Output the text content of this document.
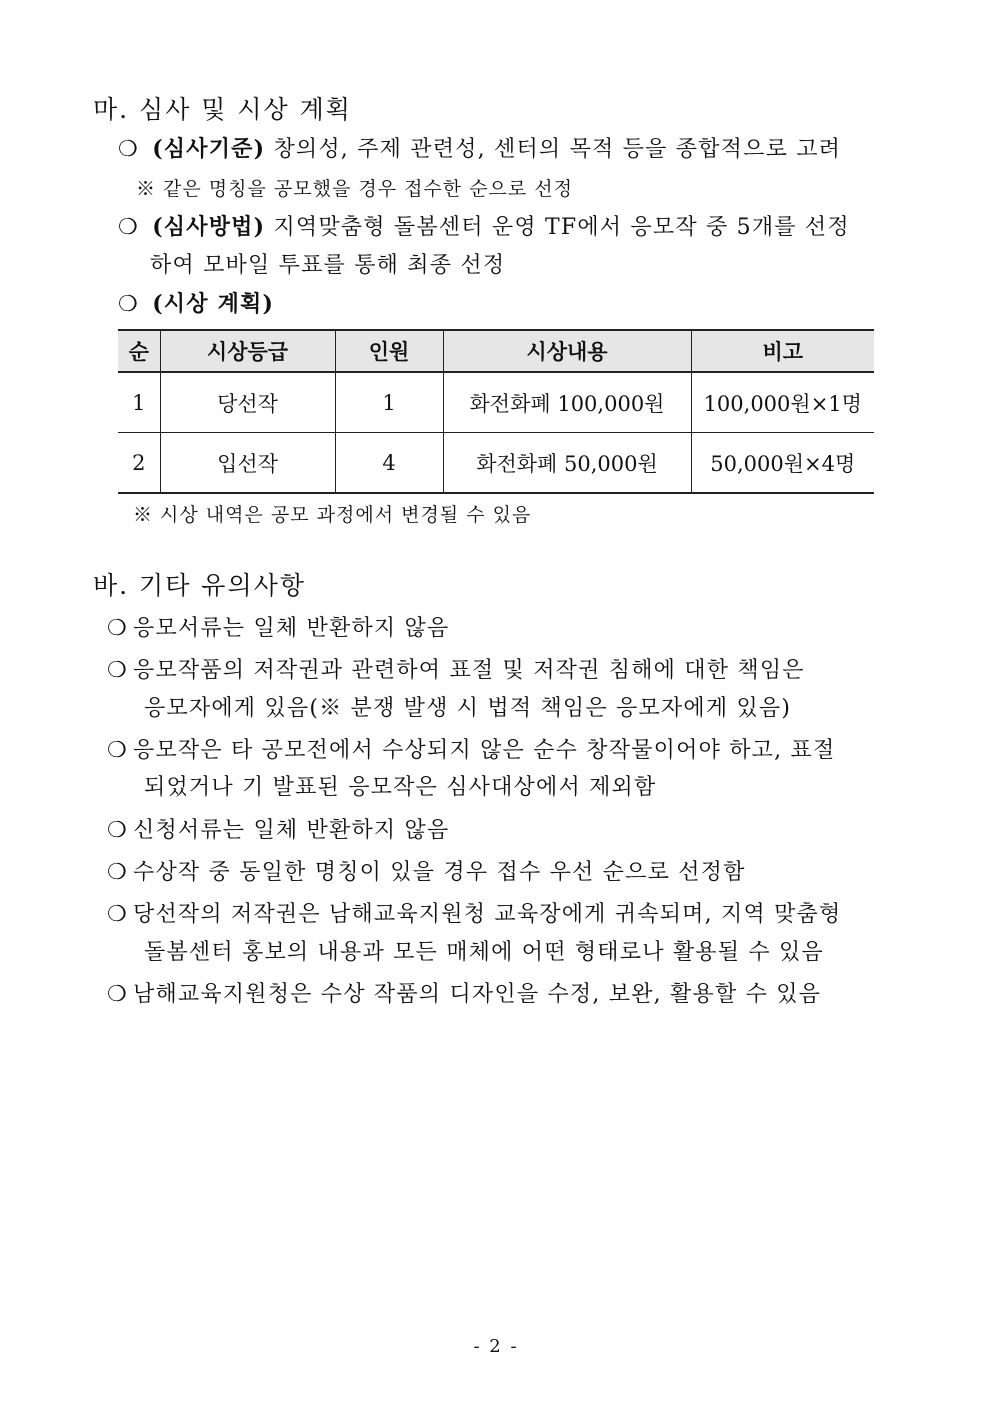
마. 심사 및 시상 계획
❍ (심사기준) 창의성, 주제 관련성, 센터의 목적 등을 종합적으로 고려
※ 같은 명칭을 공모했을 경우 접수한 순으로 선정
❍ (심사방법) 지역맞춤형 돌봄센터 운영 TF에서 응모작 중 5개를 선정
하여 모바일 투표를 통해 최종 선정
❍ (시상 계획)
순	시상등급	인원	시상내용	비고
1	당선작	1	화전화폐 100,000원	100,000원×1명
2	입선작	4	화전화폐 50,000원	50,000원×4명
※ 시상 내역은 공모 과정에서 변경될 수 있음
바. 기타 유의사항
❍ 응모서류는 일체 반환하지 않음
❍ 응모작품의 저작권과 관련하여 표절 및 저작권 침해에 대한 책임은
응모자에게 있음(※ 분쟁 발생 시 법적 책임은 응모자에게 있음)
❍ 응모작은 타 공모전에서 수상되지 않은 순수 창작물이어야 하고, 표절
되었거나 기 발표된 응모작은 심사대상에서 제외함
❍ 신청서류는 일체 반환하지 않음
❍ 수상작 중 동일한 명칭이 있을 경우 접수 우선 순으로 선정함
❍ 당선작의 저작권은 남해교육지원청 교육장에게 귀속되며, 지역 맞춤형
돌봄센터 홍보의 내용과 모든 매체에 어떤 형태로나 활용될 수 있음
❍ 남해교육지원청은 수상 작품의 디자인을 수정, 보완, 활용할 수 있음
- 2 -
